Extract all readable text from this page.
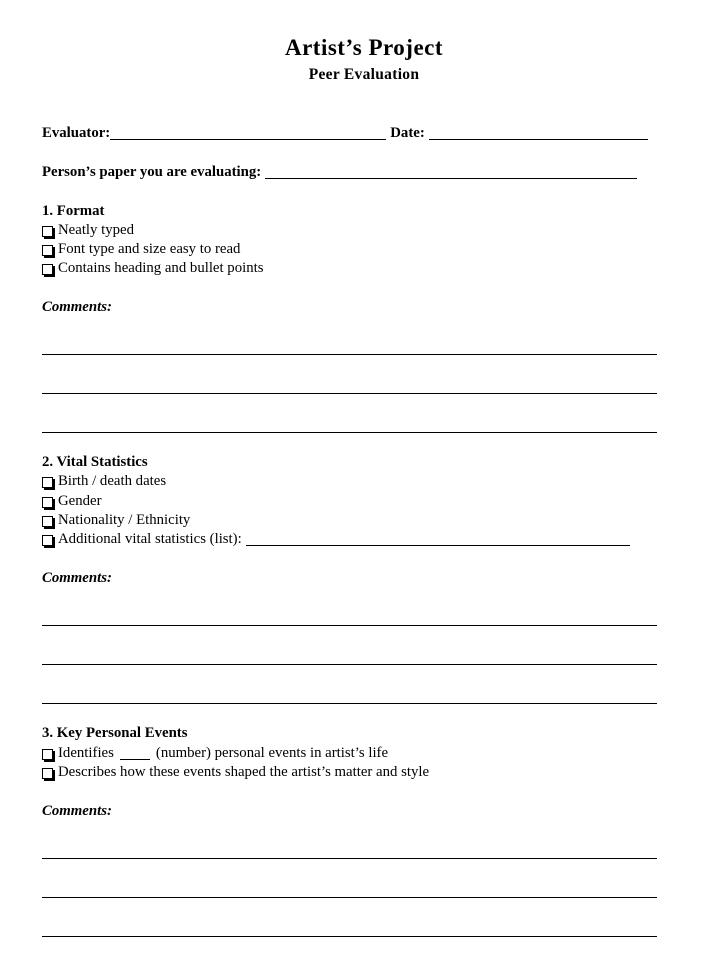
Artist’s Project
Peer Evaluation
Evaluator:	Date:
Person’s paper you are evaluating:
1. Format
Neatly typed
Font type and size easy to read
Contains heading and bullet points
Comments:
2. Vital Statistics
Birth / death dates
Gender
Nationality / Ethnicity
Additional vital statistics (list):
Comments:
3. Key Personal Events
Identifies	(number) personal events in artist’s life
Describes how these events shaped the artist’s matter and style
Comments:
